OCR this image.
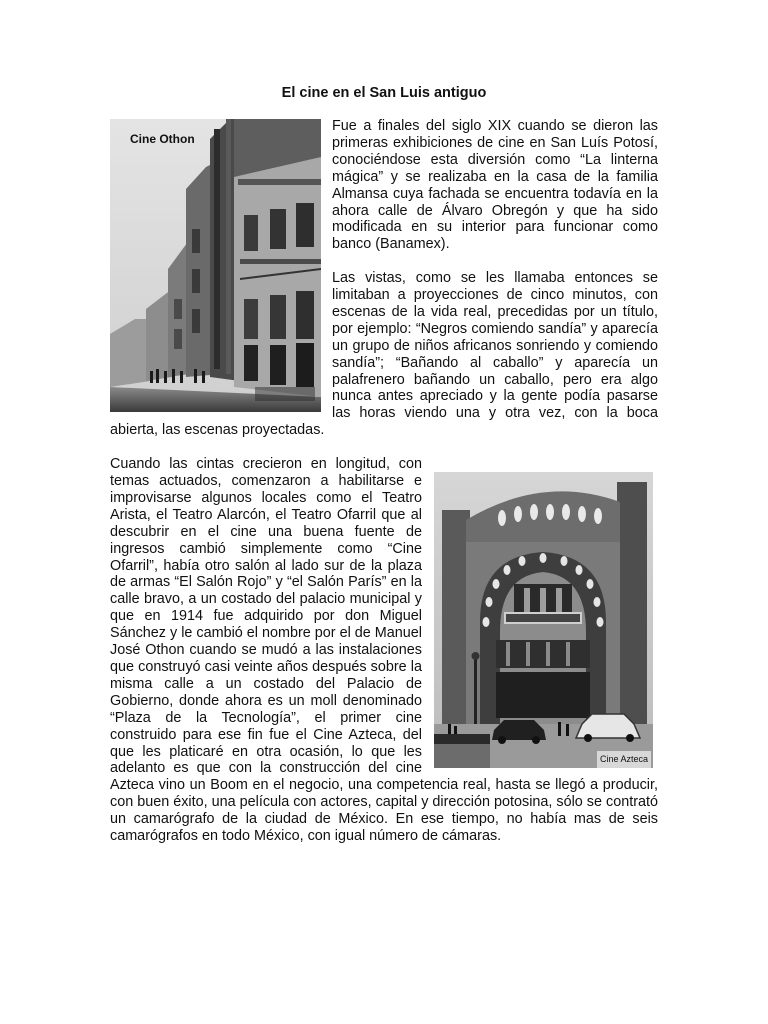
El cine en el San Luis antiguo
Cine Othon

Fue a finales del siglo XIX cuando se dieron las primeras exhibiciones de cine en San Luís Potosí, conociéndose esta diversión como “La linterna mágica” y se realizaba en la casa de la familia Almansa cuya fachada se encuentra todavía en la ahora calle de Álvaro Obregón y que ha sido modificada en su interior para funcionar como banco (Banamex).

Las vistas, como se les llamaba entonces se limitaban a proyecciones de cinco minutos, con escenas de la vida real, precedidas por un título, por ejemplo: “Negros comiendo sandía” y aparecía un grupo de niños africanos sonriendo y comiendo sandía”; “Bañando al caballo” y aparecía un palafrenero bañando un caballo, pero era algo nunca antes apreciado y la gente podía pasarse las horas viendo una y otra vez, con la boca abierta, las escenas proyectadas.

Cine Azteca

Cuando las cintas crecieron en longitud, con temas actuados, comenzaron a habilitarse e improvisarse algunos locales como el Teatro Arista, el Teatro Alarcón, el Teatro Ofarril que al descubrir en el cine una buena fuente de ingresos cambió simplemente como “Cine Ofarril”, había otro salón al lado sur de la plaza de armas “El Salón Rojo” y “el Salón París” en la calle bravo, a un costado del palacio municipal y que en 1914 fue adquirido por don Miguel Sánchez y le cambió el nombre por el de Manuel José Othon cuando se mudó a las instalaciones que construyó casi veinte años después sobre la misma calle a un costado del Palacio de Gobierno, donde ahora es un moll denominado “Plaza de la Tecnología”, el primer cine construido para ese fin fue el Cine Azteca, del que les platicaré en otra ocasión, lo que les adelanto es que con la construcción del cine Azteca vino un Boom en el negocio, una competencia real, hasta se llegó a producir, con buen éxito, una película con actores, capital y dirección potosina, sólo se contrató un camarógrafo de la ciudad de México. En ese tiempo, no había mas de seis camarógrafos en todo México, con igual número de cámaras.
